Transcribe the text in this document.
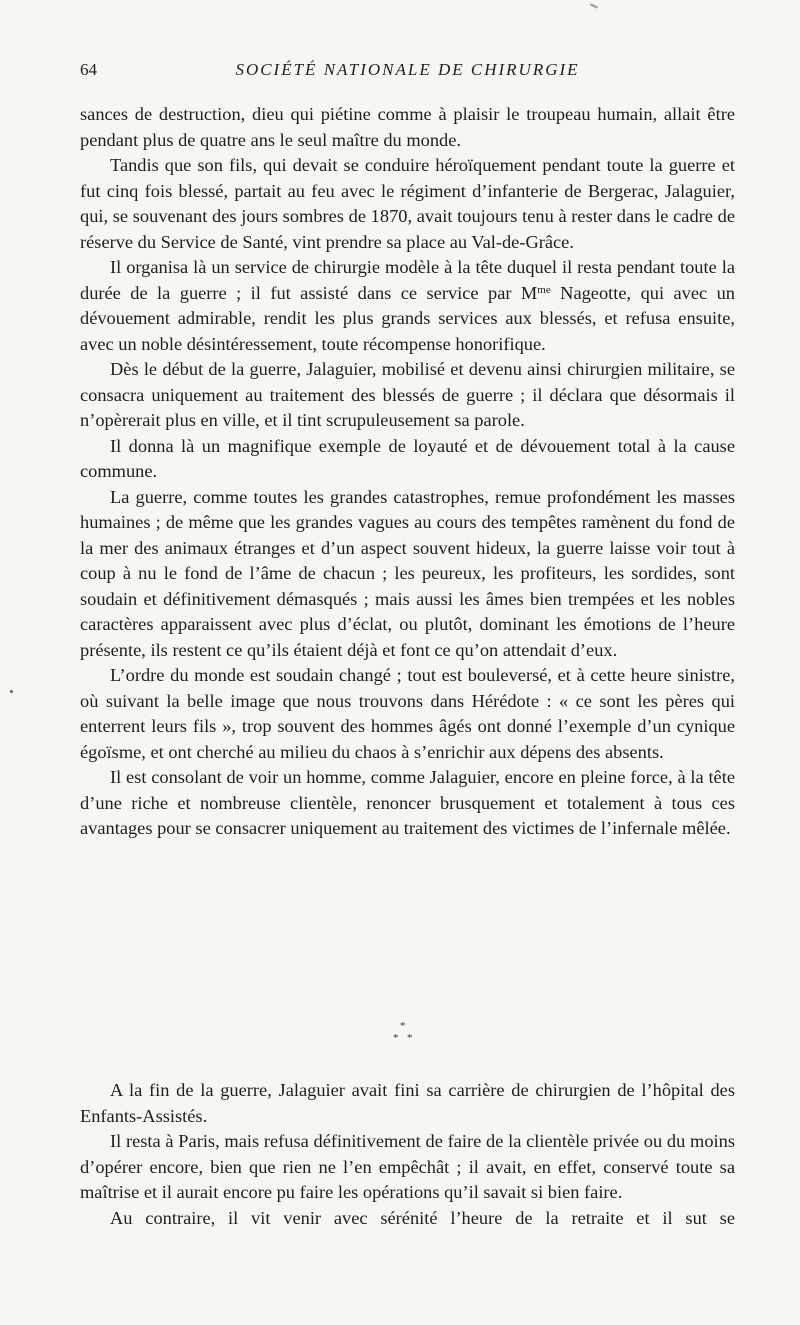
64	SOCIÉTÉ NATIONALE DE CHIRURGIE

sances de destruction, dieu qui piétine comme à plaisir le troupeau humain, allait être pendant plus de quatre ans le seul maître du monde.

Tandis que son fils, qui devait se conduire héroïquement pendant toute la guerre et fut cinq fois blessé, partait au feu avec le régiment d’infanterie de Bergerac, Jalaguier, qui, se souvenant des jours sombres de 1870, avait toujours tenu à rester dans le cadre de réserve du Service de Santé, vint prendre sa place au Val-de-Grâce.

Il organisa là un service de chirurgie modèle à la tête duquel il resta pendant toute la durée de la guerre ; il fut assisté dans ce service par $M^{me}$ Nageotte, qui avec un dévouement admirable, rendit les plus grands services aux blessés, et refusa ensuite, avec un noble désintéressement, toute récompense honorifique.

Dès le début de la guerre, Jalaguier, mobilisé et devenu ainsi chirurgien militaire, se consacra uniquement au traitement des blessés de guerre ; il déclara que désormais il n’opèrerait plus en ville, et il tint scrupuleusement sa parole.

Il donna là un magnifique exemple de loyauté et de dévouement total à la cause commune.

La guerre, comme toutes les grandes catastrophes, remue profondément les masses humaines ; de même que les grandes vagues au cours des tempêtes ramènent du fond de la mer des animaux étranges et d’un aspect souvent hideux, la guerre laisse voir tout à coup à nu le fond de l’âme de chacun ; les peureux, les profiteurs, les sordides, sont soudain et définitivement démasqués ; mais aussi les âmes bien trempées et les nobles caractères apparaissent avec plus d’éclat, ou plutôt, dominant les émotions de l’heure présente, ils restent ce qu’ils étaient déjà et font ce qu’on attendait d’eux.

L’ordre du monde est soudain changé ; tout est bouleversé, et à cette heure sinistre, où suivant la belle image que nous trouvons dans Hérédote : « ce sont les pères qui enterrent leurs fils », trop souvent des hommes âgés ont donné l’exemple d’un cynique égoïsme, et ont cherché au milieu du chaos à s’enrichir aux dépens des absents.

Il est consolant de voir un homme, comme Jalaguier, encore en pleine force, à la tête d’une riche et nombreuse clientèle, renoncer brusquement et totalement à tous ces avantages pour se consacrer uniquement au traitement des victimes de l’infernale mêlée.

*
* *

A la fin de la guerre, Jalaguier avait fini sa carrière de chirurgien de l’hôpital des Enfants-Assistés.

Il resta à Paris, mais refusa définitivement de faire de la clientèle privée ou du moins d’opérer encore, bien que rien ne l’en empêchât ; il avait, en effet, conservé toute sa maîtrise et il aurait encore pu faire les opérations qu’il savait si bien faire.

Au contraire, il vit venir avec sérénité l’heure de la retraite et il sut se
